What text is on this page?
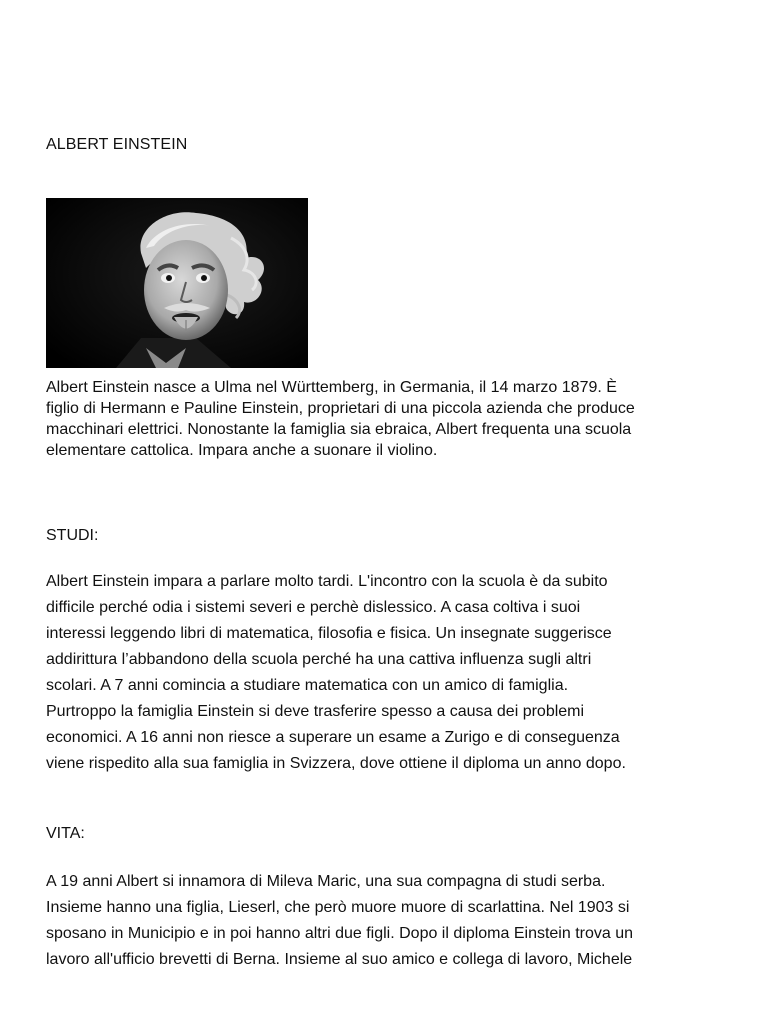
ALBERT EINSTEIN

Albert Einstein nasce a Ulma nel Württemberg, in Germania, il 14 marzo 1879. È
figlio di Hermann e Pauline Einstein, proprietari di una piccola azienda che produce
macchinari elettrici. Nonostante la famiglia sia ebraica, Albert frequenta una scuola
elementare cattolica. Impara anche a suonare il violino.

STUDI:

Albert Einstein impara a parlare molto tardi. L'incontro con la scuola è da subito
difficile perché odia i sistemi severi e perchè dislessico. A casa coltiva i suoi
interessi leggendo libri di matematica, filosofia e fisica. Un insegnate suggerisce
addirittura l’abbandono della scuola perché ha una cattiva influenza sugli altri
scolari. A 7 anni comincia a studiare matematica con un amico di famiglia.
Purtroppo la famiglia Einstein si deve trasferire spesso a causa dei problemi
economici. A 16 anni non riesce a superare un esame a Zurigo e di conseguenza
viene rispedito alla sua famiglia in Svizzera, dove ottiene il diploma un anno dopo.

VITA:

A 19 anni Albert si innamora di Mileva Maric, una sua compagna di studi serba.
Insieme hanno una figlia, Lieserl, che però muore muore di scarlattina. Nel 1903 si
sposano in Municipio e in poi hanno altri due figli. Dopo il diploma Einstein trova un
lavoro all'ufficio brevetti di Berna. Insieme al suo amico e collega di lavoro, Michele
